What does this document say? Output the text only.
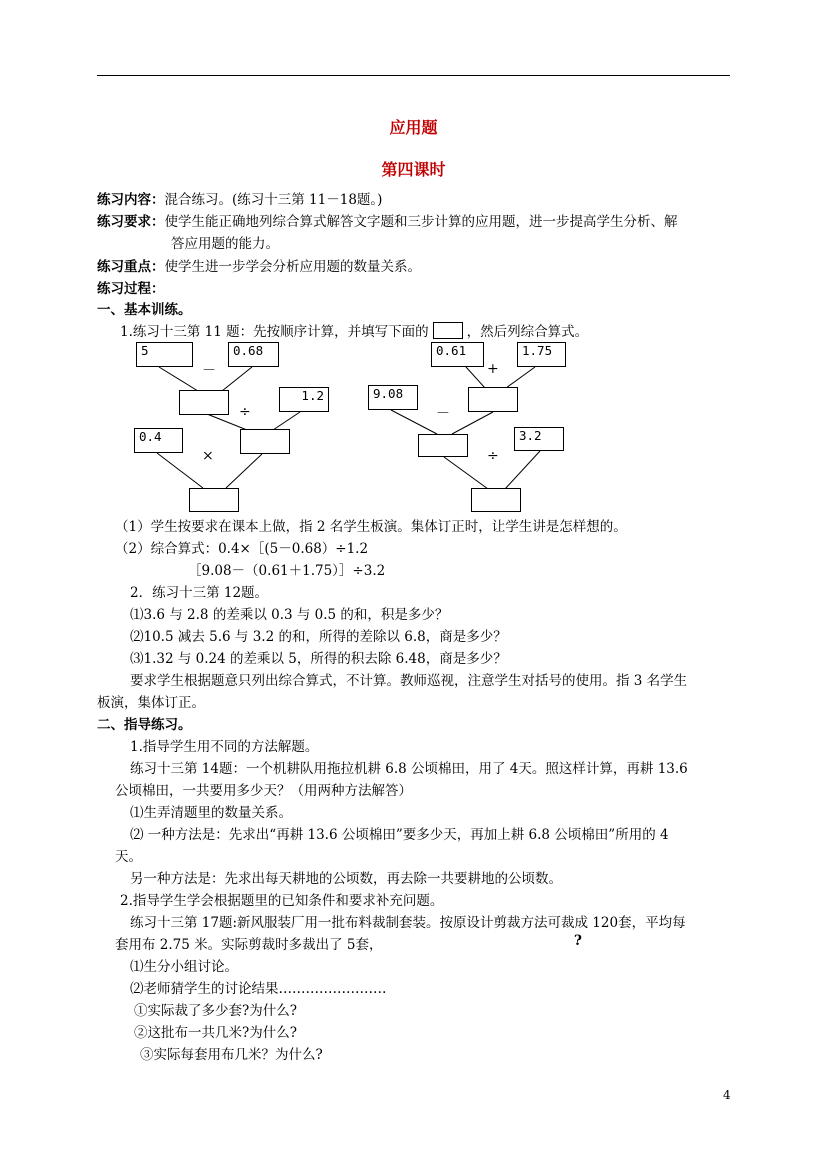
应用题
第四课时
练习内容：混合练习。(练习十三第 11－18题。)
练习要求：使学生能正确地列综合算式解答文字题和三步计算的应用题，进一步提高学生分析、解
答应用题的能力。
练习重点：使学生进一步学会分析应用题的数量关系。
练习过程：
一、基本训练。
1.练习十三第 11 题：先按顺序计算，并填写下面的	，然后列综合算式。
5	0.68
－
1.2
÷
0.4
×
0.61	1.75
+
9.08
－
3.2
÷
（1）学生按要求在课本上做，指 2 名学生板演。集体订正时，让学生讲是怎样想的。
（2）综合算式：0.4×［(5－0.68）÷1.2
［9.08－（0.61＋1.75）］÷3.2
2．练习十三第 12题。
⑴3.6 与 2.8 的差乘以 0.3 与 0.5 的和，积是多少？
⑵10.5 减去 5.6 与 3.2 的和，所得的差除以 6.8，商是多少？
⑶1.32 与 0.24 的差乘以 5，所得的积去除 6.48，商是多少？
要求学生根据题意只列出综合算式，不计算。教师巡视，注意学生对括号的使用。指 3 名学生
板演，集体订正。
二、指导练习。
1.指导学生用不同的方法解题。
练习十三第 14题：一个机耕队用拖拉机耕 6.8 公顷棉田，用了 4天。照这样计算，再耕 13.6
公顷棉田，一共要用多少天？（用两种方法解答）
⑴生弄清题里的数量关系。
⑵ 一种方法是：先求出“再耕 13.6 公顷棉田”要多少天，再加上耕 6.8 公顷棉田”所用的 4
天。
另一种方法是：先求出每天耕地的公顷数，再去除一共要耕地的公顷数。
2.指导学生学会根据题里的已知条件和要求补充问题。
练习十三第 17题:新风服装厂用一批布料裁制套装。按原设计剪裁方法可裁成 120套，平均每
套用布 2.75 米。实际剪裁时多裁出了 5套，	?
⑴生分小组讨论。
⑵老师猜学生的讨论结果……………………
①实际裁了多少套?为什么?
②这批布一共几米?为什么?
③实际每套用布几米？为什么?
4
